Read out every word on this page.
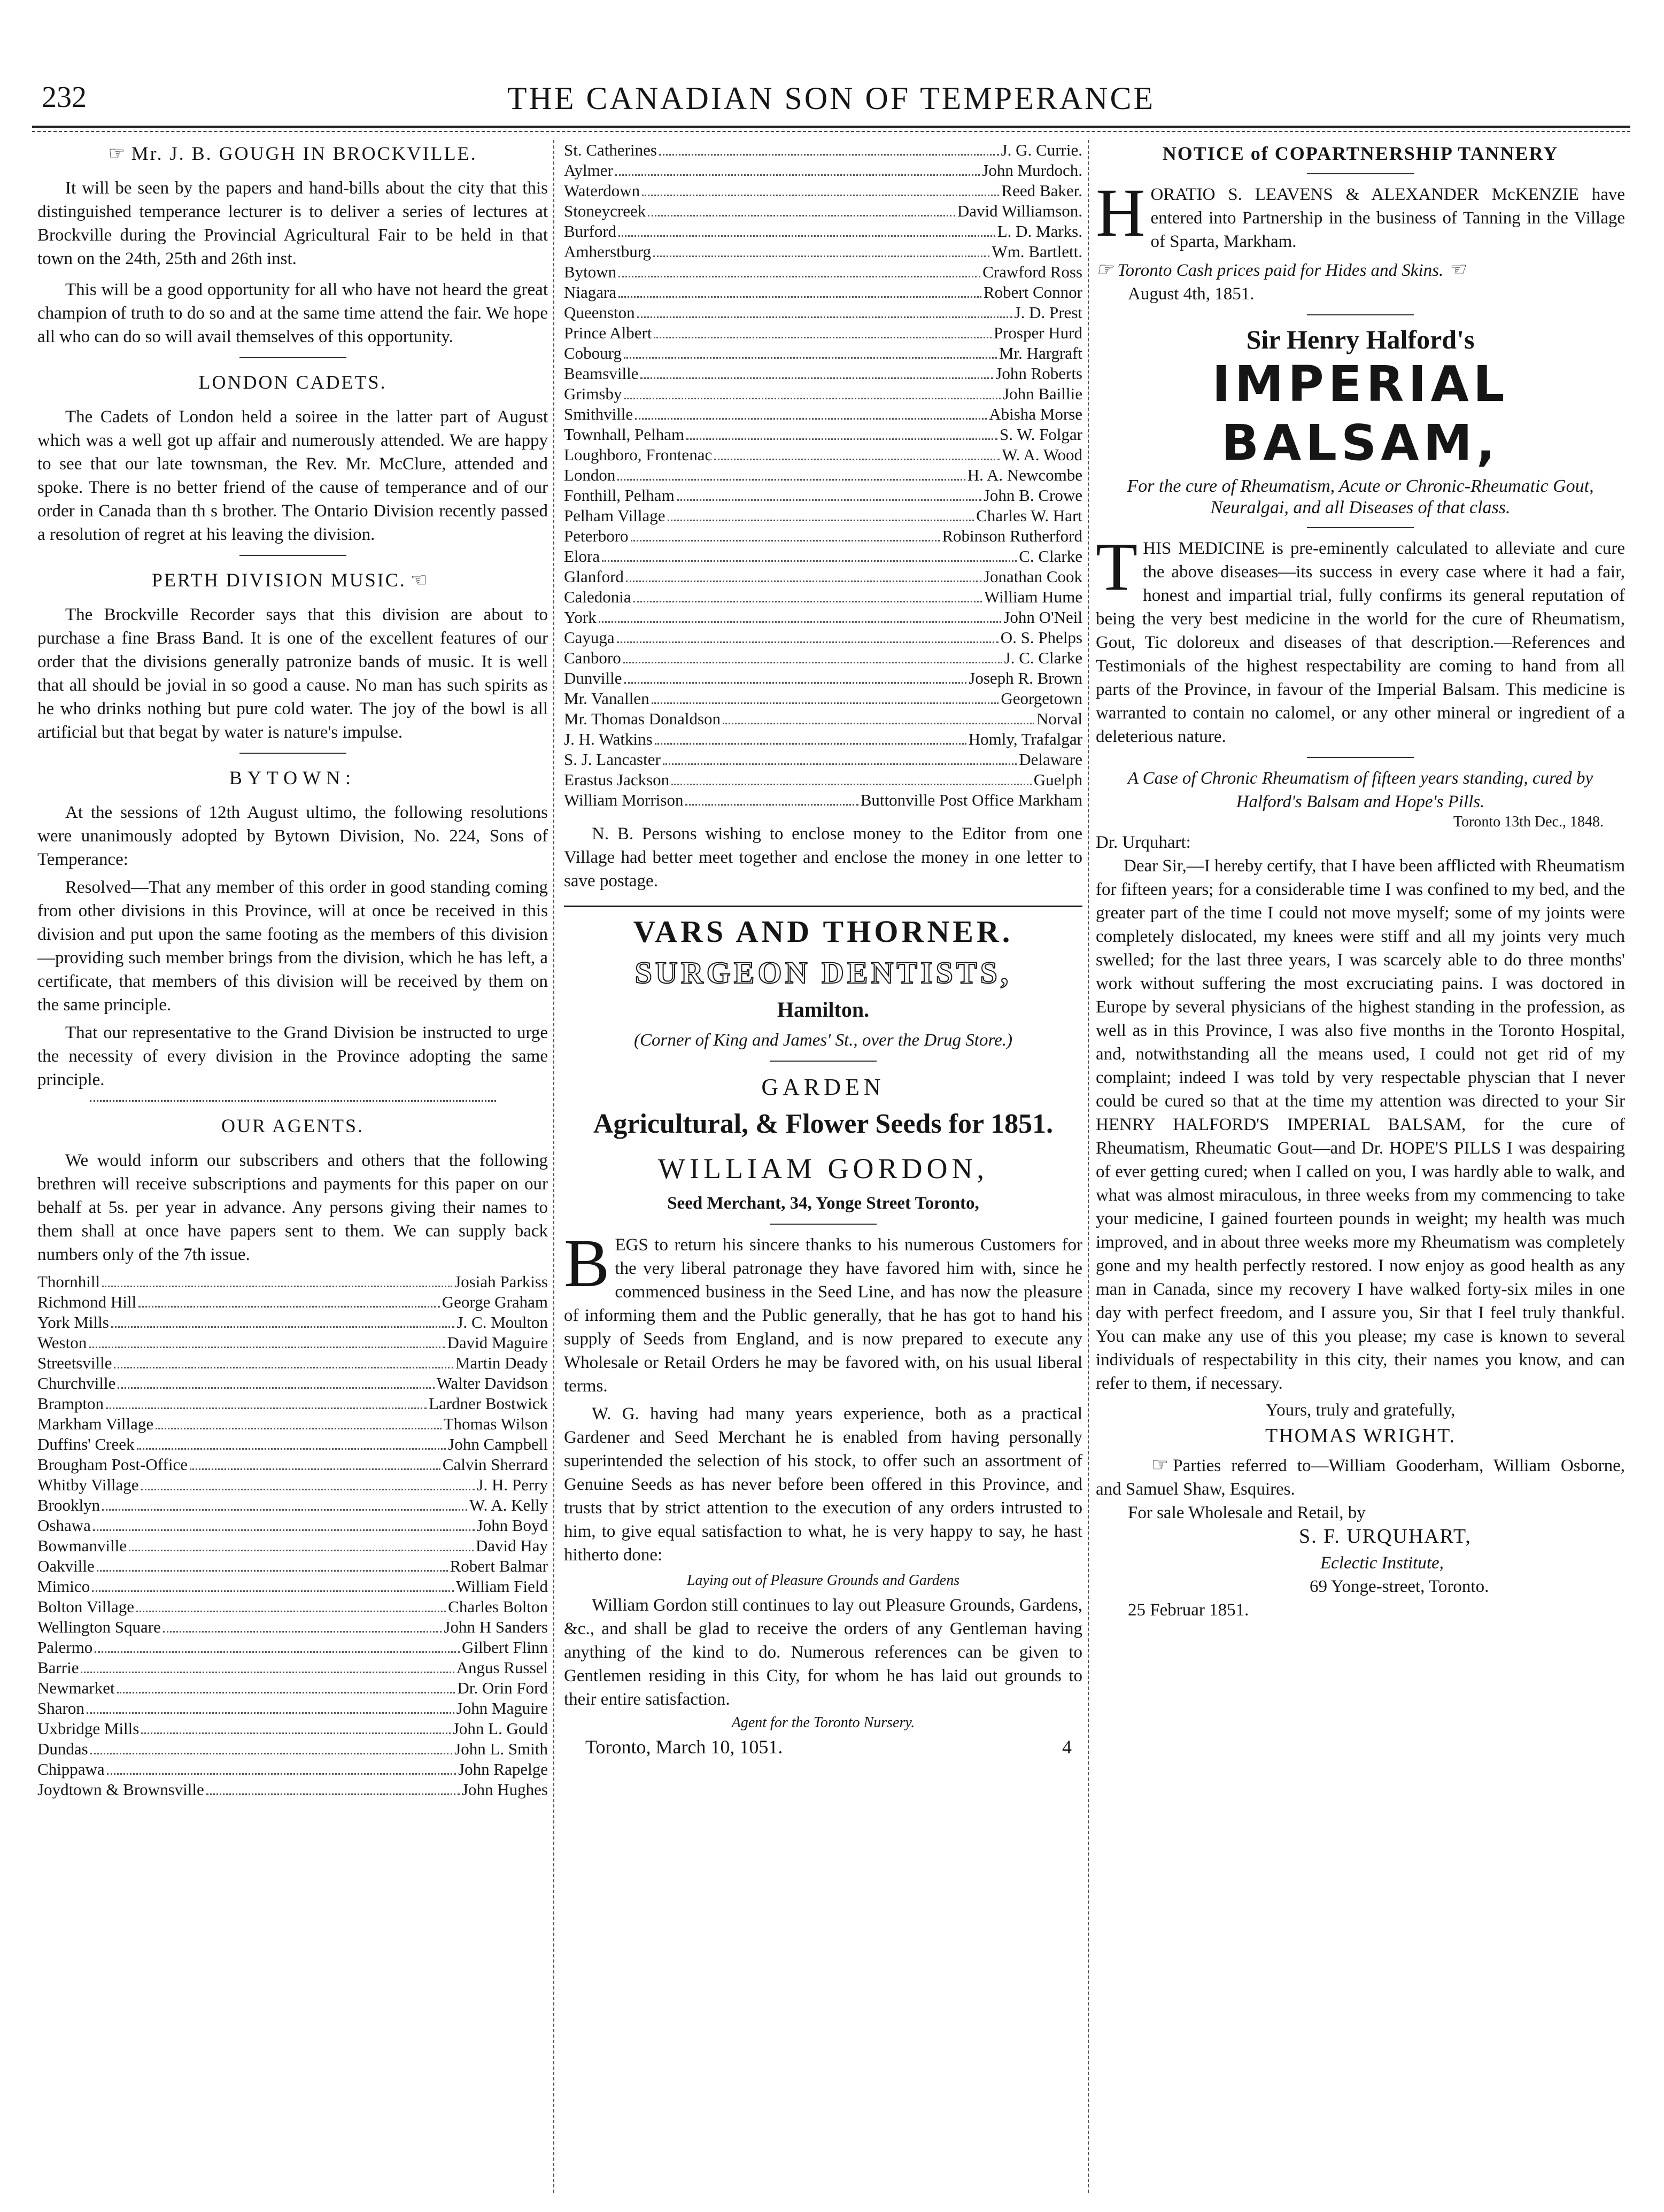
232	THE CANADIAN SON OF TEMPERANCE
☞ Mr. J. B. GOUGH IN BROCKVILLE.

It will be seen by the papers and hand-bills about the city that this distinguished temperance lecturer is to deliver a series of lectures at Brockville during the Provincial Agricultural Fair to be held in that town on the 24th, 25th and 26th inst.

This will be a good opportunity for all who have not heard the great champion of truth to do so and at the same time attend the fair. We hope all who can do so will avail themselves of this opportunity.

LONDON CADETS.

The Cadets of London held a soiree in the latter part of August which was a well got up affair and numerously attended. We are happy to see that our late townsman, the Rev. Mr. McClure, attended and spoke. There is no better friend of the cause of temperance and of our order in Canada than th s brother. The Ontario Division recently passed a resolution of regret at his leaving the division.

PERTH DIVISION MUSIC. ☜

The Brockville Recorder says that this division are about to purchase a fine Brass Band. It is one of the excellent features of our order that the divisions generally patronize bands of music. It is well that all should be jovial in so good a cause. No man has such spirits as he who drinks nothing but pure cold water. The joy of the bowl is all artificial but that begat by water is nature's impulse.

BYTOWN:

At the sessions of 12th August ultimo, the following resolutions were unanimously adopted by Bytown Division, No. 224, Sons of Temperance:

Resolved—That any member of this order in good standing coming from other divisions in this Province, will at once be received in this division and put upon the same footing as the members of this division—providing such member brings from the division, which he has left, a certificate, that members of this division will be received by them on the same principle.

That our representative to the Grand Division be instructed to urge the necessity of every division in the Province adopting the same principle.

OUR AGENTS.

We would inform our subscribers and others that the following brethren will receive subscriptions and payments for this paper on our behalf at 5s. per year in advance. Any persons giving their names to them shall at once have papers sent to them. We can supply back numbers only of the 7th issue.

Thornhill	Josiah Parkiss
Richmond Hill	George Graham
York Mills	J. C. Moulton
Weston	David Maguire
Streetsville	Martin Deady
Churchville	Walter Davidson
Brampton	Lardner Bostwick
Markham Village	Thomas Wilson
Duffins' Creek	John Campbell
Brougham Post-Office	Calvin Sherrard
Whitby Village	J. H. Perry
Brooklyn	W. A. Kelly
Oshawa	John Boyd
Bowmanville	David Hay
Oakville	Robert Balmar
Mimico	William Field
Bolton Village	Charles Bolton
Wellington Square	John H Sanders
Palermo	Gilbert Flinn
Barrie	Angus Russel
Newmarket	Dr. Orin Ford
Sharon	John Maguire
Uxbridge Mills	John L. Gould
Dundas	John L. Smith
Chippawa	John Rapelge
Joydtown & Brownsville	John Hughes
St. Catherines	J. G. Currie.
Aylmer	John Murdoch.
Waterdown	Reed Baker.
Stoneycreek	David Williamson.
Burford	L. D. Marks.
Amherstburg	Wm. Bartlett.
Bytown	Crawford Ross
Niagara	Robert Connor
Queenston	J. D. Prest
Prince Albert	Prosper Hurd
Cobourg	Mr. Hargraft
Beamsville	John Roberts
Grimsby	John Baillie
Smithville	Abisha Morse
Townhall, Pelham	S. W. Folgar
Loughboro, Frontenac	W. A. Wood
London	H. A. Newcombe
Fonthill, Pelham	John B. Crowe
Pelham Village	Charles W. Hart
Peterboro	Robinson Rutherford
Elora	C. Clarke
Glanford	Jonathan Cook
Caledonia	William Hume
York	John O'Neil
Cayuga	O. S. Phelps
Canboro	J. C. Clarke
Dunville	Joseph R. Brown
Mr. Vanallen	Georgetown
Mr. Thomas Donaldson	Norval
J. H. Watkins	Homly, Trafalgar
S. J. Lancaster	Delaware
Erastus Jackson	Guelph
William Morrison	Buttonville Post Office Markham

N. B. Persons wishing to enclose money to the Editor from one Village had better meet together and enclose the money in one letter to save postage.

VARS AND THORNER.
SURGEON DENTISTS,
Hamilton.

(Corner of King and James' St., over the Drug Store.)

GARDEN
Agricultural, & Flower Seeds for 1851.
WILLIAM GORDON,

Seed Merchant, 34, Yonge Street Toronto,

BEGS to return his sincere thanks to his numerous Customers for the very liberal patronage they have favored him with, since he commenced business in the Seed Line, and has now the pleasure of informing them and the Public generally, that he has got to hand his supply of Seeds from England, and is now prepared to execute any Wholesale or Retail Orders he may be favored with, on his usual liberal terms.

W. G. having had many years experience, both as a practical Gardener and Seed Merchant he is enabled from having personally superintended the selection of his stock, to offer such an assortment of Genuine Seeds as has never before been offered in this Province, and trusts that by strict attention to the execution of any orders intrusted to him, to give equal satisfaction to what, he is very happy to say, he hast hitherto done:

Laying out of Pleasure Grounds and Gardens

William Gordon still continues to lay out Pleasure Grounds, Gardens, &c., and shall be glad to receive the orders of any Gentleman having anything of the kind to do. Numerous references can be given to Gentlemen residing in this City, for whom he has laid out grounds to their entire satisfaction.

Agent for the Toronto Nursery.

Toronto, March 10, 1051.	4
NOTICE of COPARTNERSHIP TANNERY

HORATIO S. LEAVENS & ALEXANDER McKENZIE have entered into Partnership in the business of Tanning in the Village of Sparta, Markham.

☞ Toronto Cash prices paid for Hides and Skins. ☜

August 4th, 1851.

Sir Henry Halford's
IMPERIAL BALSAM,

For the cure of Rheumatism, Acute or Chronic-Rheumatic Gout, Neuralgai, and all Diseases of that class.

THIS MEDICINE is pre-eminently calculated to alleviate and cure the above diseases—its success in every case where it had a fair, honest and impartial trial, fully confirms its general reputation of being the very best medicine in the world for the cure of Rheumatism, Gout, Tic doloreux and diseases of that description.—References and Testimonials of the highest respectability are coming to hand from all parts of the Province, in favour of the Imperial Balsam. This medicine is warranted to contain no calomel, or any other mineral or ingredient of a deleterious nature.

A Case of Chronic Rheumatism of fifteen years standing, cured by Halford's Balsam and Hope's Pills.

Toronto 13th Dec., 1848.

Dr. Urquhart:

Dear Sir,—I hereby certify, that I have been afflicted with Rheumatism for fifteen years; for a considerable time I was confined to my bed, and the greater part of the time I could not move myself; some of my joints were completely dislocated, my knees were stiff and all my joints very much swelled; for the last three years, I was scarcely able to do three months' work without suffering the most excruciating pains. I was doctored in Europe by several physicians of the highest standing in the profession, as well as in this Province, I was also five months in the Toronto Hospital, and, notwithstanding all the means used, I could not get rid of my complaint; indeed I was told by very respectable physcian that I never could be cured so that at the time my attention was directed to your Sir HENRY HALFORD'S IMPERIAL BALSAM, for the cure of Rheumatism, Rheumatic Gout—and Dr. HOPE'S PILLS I was despairing of ever getting cured; when I called on you, I was hardly able to walk, and what was almost miraculous, in three weeks from my commencing to take your medicine, I gained fourteen pounds in weight; my health was much improved, and in about three weeks more my Rheumatism was completely gone and my health perfectly restored. I now enjoy as good health as any man in Canada, since my recovery I have walked forty-six miles in one day with perfect freedom, and I assure you, Sir that I feel truly thankful. You can make any use of this you please; my case is known to several individuals of respectability in this city, their names you know, and can refer to them, if necessary.

Yours, truly and gratefully,

THOMAS WRIGHT.

☞ Parties referred to—William Gooderham, William Osborne, and Samuel Shaw, Esquires.

For sale Wholesale and Retail, by

S. F. URQUHART,

Eclectic Institute,

69 Yonge-street, Toronto.

25 Februar 1851.
